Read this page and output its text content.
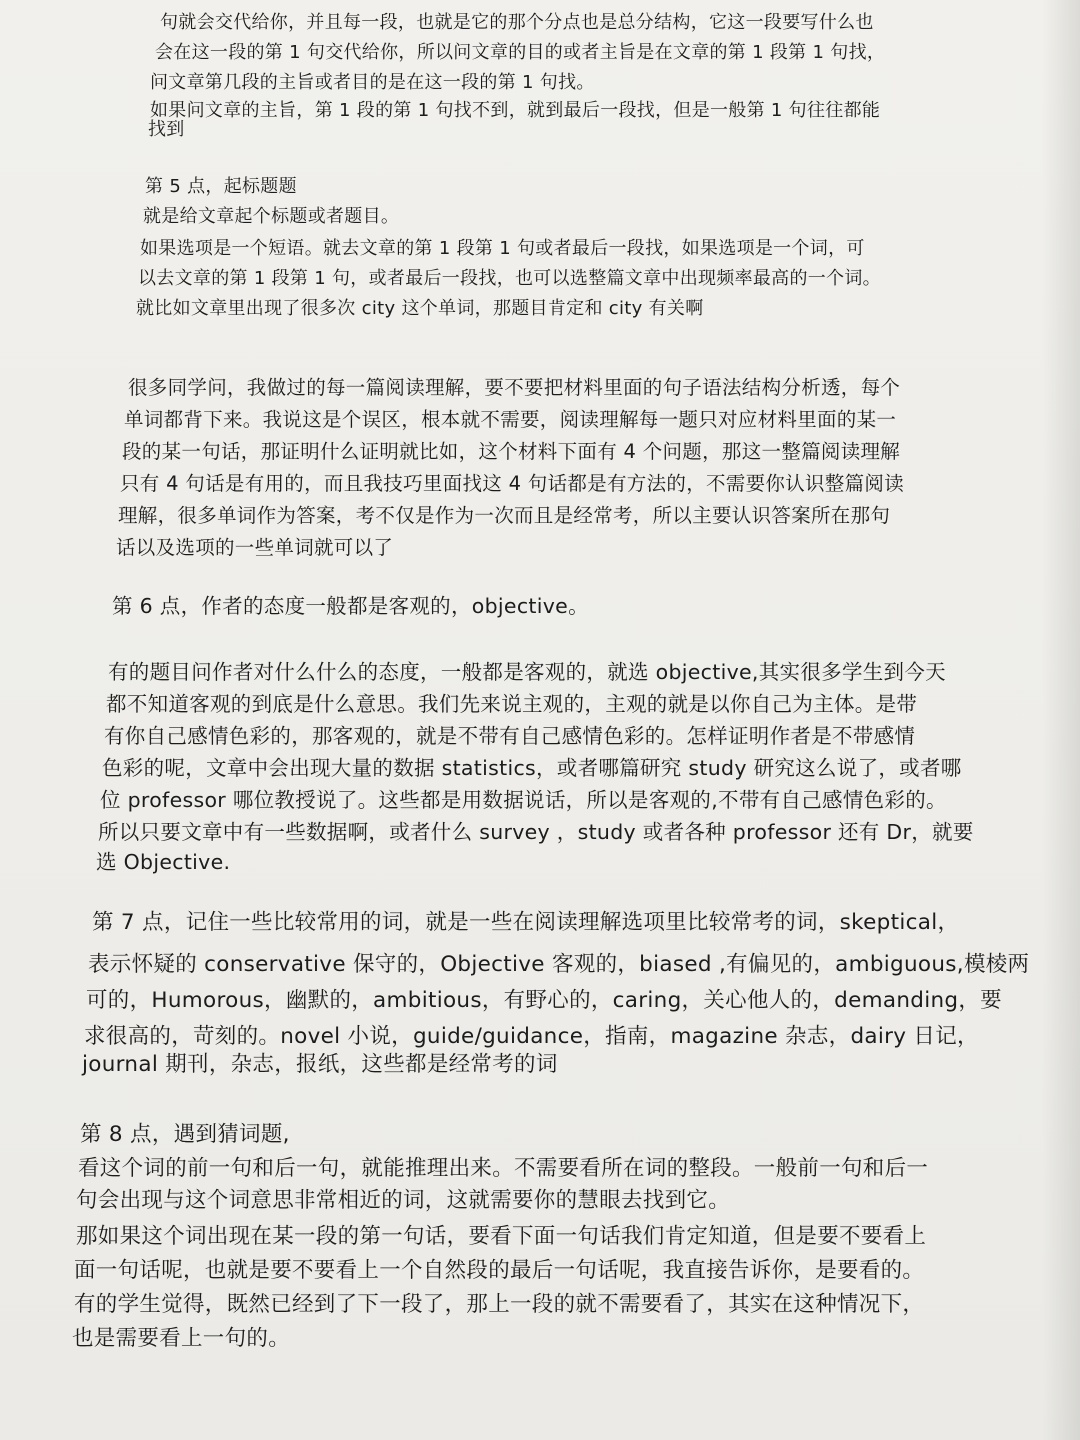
句就会交代给你，并且每一段，也就是它的那个分点也是总分结构，它这一段要写什么也
会在这一段的第 1 句交代给你，所以问文章的目的或者主旨是在文章的第 1 段第 1 句找，
问文章第几段的主旨或者目的是在这一段的第 1 句找。
如果问文章的主旨，第 1 段的第 1 句找不到，就到最后一段找，但是一般第 1 句往往都能
找到
第 5 点，起标题题
就是给文章起个标题或者题目。
如果选项是一个短语。就去文章的第 1 段第 1 句或者最后一段找，如果选项是一个词，可
以去文章的第 1 段第 1 句，或者最后一段找，也可以选整篇文章中出现频率最高的一个词。
就比如文章里出现了很多次 city 这个单词，那题目肯定和 city 有关啊
很多同学问，我做过的每一篇阅读理解，要不要把材料里面的句子语法结构分析透，每个
单词都背下来。我说这是个误区，根本就不需要，阅读理解每一题只对应材料里面的某一
段的某一句话，那证明什么证明就比如，这个材料下面有 4 个问题，那这一整篇阅读理解
只有 4 句话是有用的，而且我技巧里面找这 4 句话都是有方法的，不需要你认识整篇阅读
理解，很多单词作为答案，考不仅是作为一次而且是经常考，所以主要认识答案所在那句
话以及选项的一些单词就可以了
第 6 点，作者的态度一般都是客观的，objective。
有的题目问作者对什么什么的态度，一般都是客观的，就选 objective,其实很多学生到今天
都不知道客观的到底是什么意思。我们先来说主观的，主观的就是以你自己为主体。是带
有你自己感情色彩的，那客观的，就是不带有自己感情色彩的。怎样证明作者是不带感情
色彩的呢，文章中会出现大量的数据 statistics，或者哪篇研究 study 研究这么说了，或者哪
位 professor 哪位教授说了。这些都是用数据说话，所以是客观的,不带有自己感情色彩的。
所以只要文章中有一些数据啊，或者什么 survey ，study 或者各种 professor 还有 Dr，就要
选 Objective.
第 7 点，记住一些比较常用的词，就是一些在阅读理解选项里比较常考的词，skeptical，
表示怀疑的 conservative 保守的，Objective 客观的，biased ,有偏见的，ambiguous,模棱两
可的，Humorous，幽默的，ambitious，有野心的，caring，关心他人的，demanding，要
求很高的，苛刻的。novel 小说，guide/guidance，指南，magazine 杂志，dairy 日记，
journal 期刊，杂志，报纸，这些都是经常考的词
第 8 点，遇到猜词题,
看这个词的前一句和后一句，就能推理出来。不需要看所在词的整段。一般前一句和后一
句会出现与这个词意思非常相近的词，这就需要你的慧眼去找到它。
那如果这个词出现在某一段的第一句话，要看下面一句话我们肯定知道，但是要不要看上
面一句话呢，也就是要不要看上一个自然段的最后一句话呢，我直接告诉你，是要看的。
有的学生觉得，既然已经到了下一段了，那上一段的就不需要看了，其实在这种情况下，
也是需要看上一句的。
